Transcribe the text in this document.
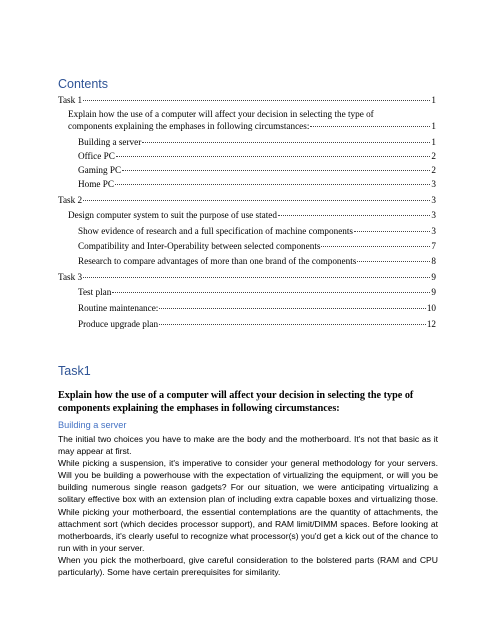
Contents
Task 1	1
Explain how the use of a computer will affect your decision in selecting the type of
components explaining the emphases in following circumstances:	1
Building a server	1
Office PC	2
Gaming PC	2
Home PC	3
Task 2	3
Design computer system to suit the purpose of use stated	3
Show evidence of research and a full specification of machine components	3
Compatibility and Inter-Operability between selected components	7
Research to compare advantages of more than one brand of the components	8
Task 3	9
Test plan	9
Routine maintenance:	10
Produce upgrade plan	12
Task1
Explain how the use of a computer will affect your decision in selecting the type of components explaining the emphases in following circumstances:
Building a server

The initial two choices you have to make are the body and the motherboard. It's not that basic as it may appear at first.

While picking a suspension, it's imperative to consider your general methodology for your servers. Will you be building a powerhouse with the expectation of virtualizing the equipment, or will you be building numerous single reason gadgets? For our situation, we were anticipating virtualizing a solitary effective box with an extension plan of including extra capable boxes and virtualizing those. While picking your motherboard, the essential contemplations are the quantity of attachments, the attachment sort (which decides processor support), and RAM limit/DIMM spaces. Before looking at motherboards, it's clearly useful to recognize what processor(s) you'd get a kick out of the chance to run with in your server.

When you pick the motherboard, give careful consideration to the bolstered parts (RAM and CPU particularly). Some have certain prerequisites for similarity.
